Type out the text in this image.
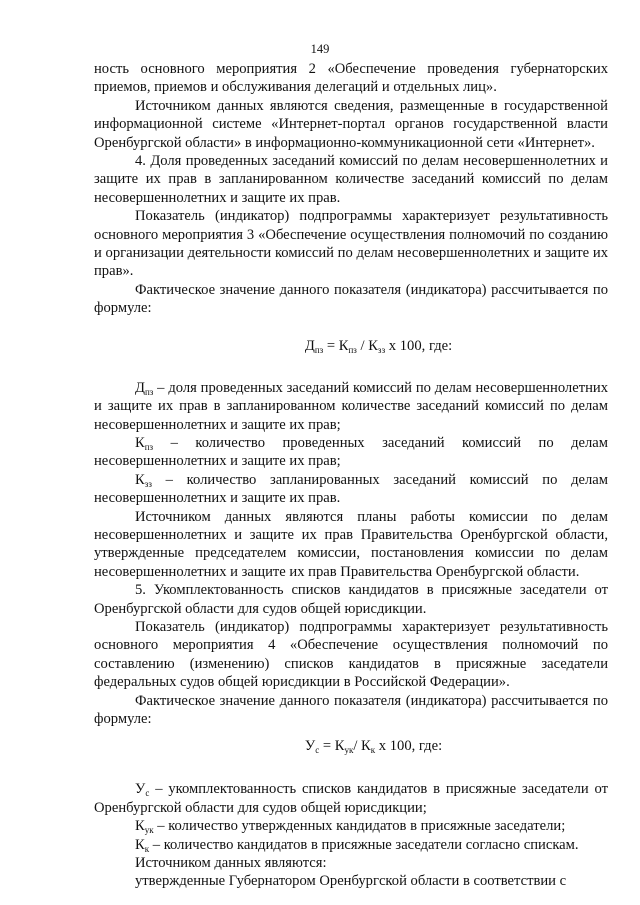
149

ность основного мероприятия 2 «Обеспечение проведения губернаторских приемов, приемов и обслуживания делегаций и отдельных лиц».

Источником данных являются сведения, размещенные в государственной информационной системе «Интернет-портал органов государственной власти Оренбургской области» в информационно-коммуникационной сети «Интернет».

4. Доля проведенных заседаний комиссий по делам несовершеннолетних и защите их прав в запланированном количестве заседаний комиссий по делам несовершеннолетних и защите их прав.

Показатель (индикатор) подпрограммы характеризует результативность основного мероприятия 3 «Обеспечение осуществления полномочий по созданию и организации деятельности комиссий по делам несовершеннолетних и защите их прав».

Фактическое значение данного показателя (индикатора) рассчитывается по формуле:

$Д_{пз} = К_{пз} / К_{зз}$ x 100, где:

$Д_{пз}$ – доля проведенных заседаний комиссий по делам несовершеннолетних и защите их прав в запланированном количестве заседаний комиссий по делам несовершеннолетних и защите их прав;

$К_{пз}$ – количество проведенных заседаний комиссий по делам несовершеннолетних и защите их прав;

$К_{зз}$ – количество запланированных заседаний комиссий по делам несовершеннолетних и защите их прав.

Источником данных являются планы работы комиссии по делам несовершеннолетних и защите их прав Правительства Оренбургской области, утвержденные председателем комиссии, постановления комиссии по делам несовершеннолетних и защите их прав Правительства Оренбургской области.

5. Укомплектованность списков кандидатов в присяжные заседатели от Оренбургской области для судов общей юрисдикции.

Показатель (индикатор) подпрограммы характеризует результативность основного мероприятия 4 «Обеспечение осуществления полномочий по составлению (изменению) списков кандидатов в присяжные заседатели федеральных судов общей юрисдикции в Российской Федерации».

Фактическое значение данного показателя (индикатора) рассчитывается по формуле:

$У_с = К_{ук}/$ $К_к$ x 100, где:

$У_с$ – укомплектованность списков кандидатов в присяжные заседатели от Оренбургской области для судов общей юрисдикции;

$К_{ук}$ – количество утвержденных кандидатов в присяжные заседатели;

$К_к$ – количество кандидатов в присяжные заседатели согласно спискам.

Источником данных являются:

утвержденные Губернатором Оренбургской области в соответствии с
